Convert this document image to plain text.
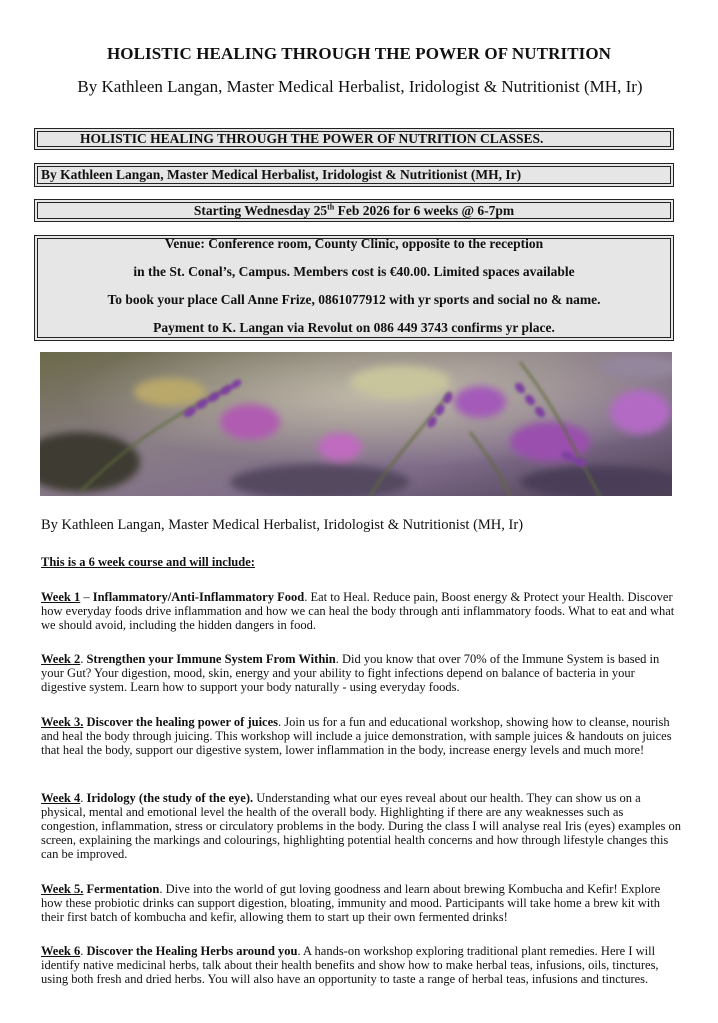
HOLISTIC HEALING THROUGH THE POWER OF NUTRITION
By Kathleen Langan, Master Medical Herbalist, Iridologist & Nutritionist (MH, Ir)
HOLISTIC HEALING THROUGH THE POWER OF NUTRITION CLASSES.
By Kathleen Langan, Master Medical Herbalist, Iridologist & Nutritionist (MH, Ir)
Starting Wednesday 25th Feb 2026 for 6 weeks @ 6-7pm
Venue: Conference room, County Clinic, opposite to the reception
in the St. Conal’s, Campus. Members cost is €40.00. Limited spaces available
To book your place Call Anne Frize, 0861077912 with yr sports and social no & name.
Payment to K. Langan via Revolut on 086 449 3743 confirms yr place.
By Kathleen Langan, Master Medical Herbalist, Iridologist & Nutritionist (MH, Ir)
This is a 6 week course and will include:
Week 1 – Inflammatory/Anti-Inflammatory Food. Eat to Heal. Reduce pain, Boost energy & Protect your Health. Discover how everyday foods drive inflammation and how we can heal the body through anti inflammatory foods. What to eat and what we should avoid, including the hidden dangers in food.
Week 2. Strengthen your Immune System From Within. Did you know that over 70% of the Immune System is based in your Gut? Your digestion, mood, skin, energy and your ability to fight infections depend on balance of bacteria in your digestive system. Learn how to support your body naturally - using everyday foods.
Week 3. Discover the healing power of juices. Join us for a fun and educational workshop, showing how to cleanse, nourish and heal the body through juicing. This workshop will include a juice demonstration, with sample juices & handouts on juices that heal the body, support our digestive system, lower inflammation in the body, increase energy levels and much more!
Week 4. Iridology (the study of the eye). Understanding what our eyes reveal about our health. They can show us on a physical, mental and emotional level the health of the overall body. Highlighting if there are any weaknesses such as congestion, inflammation, stress or circulatory problems in the body. During the class I will analyse real Iris (eyes) examples on screen, explaining the markings and colourings, highlighting potential health concerns and how through lifestyle changes this can be improved.
Week 5. Fermentation. Dive into the world of gut loving goodness and learn about brewing Kombucha and Kefir! Explore how these probiotic drinks can support digestion, bloating, immunity and mood. Participants will take home a brew kit with their first batch of kombucha and kefir, allowing them to start up their own fermented drinks!
Week 6. Discover the Healing Herbs around you. A hands-on workshop exploring traditional plant remedies. Here I will identify native medicinal herbs, talk about their health benefits and show how to make herbal teas, infusions, oils, tinctures, using both fresh and dried herbs. You will also have an opportunity to taste a range of herbal teas, infusions and tinctures.
